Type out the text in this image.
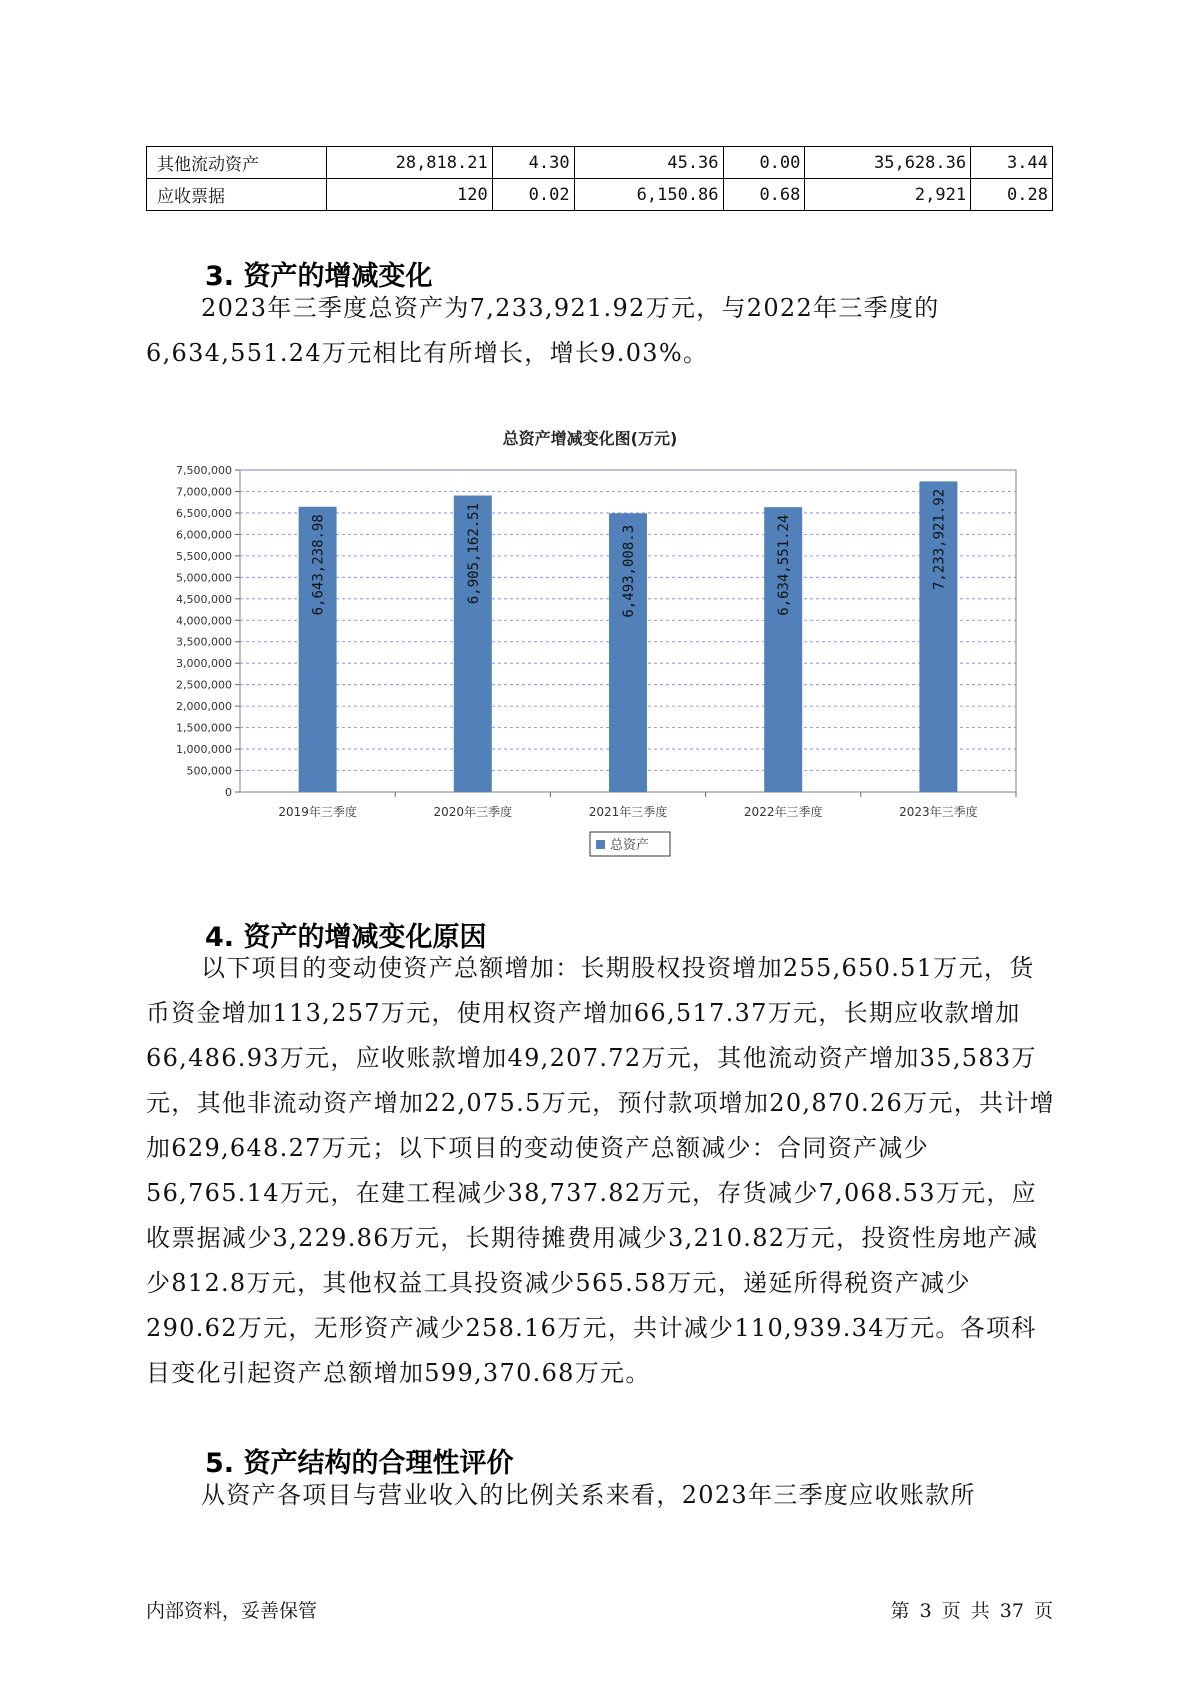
其他流动资产	28,818.21	4.30	45.36	0.00	35,628.36	3.44
应收票据	120	0.02	6,150.86	0.68	2,921	0.28
3. 资产的增减变化

2023年三季度总资产为7,233,921.92万元，与2022年三季度的6,634,551.24万元相比有所增长，增长9.03%。

总资产增减变化图(万元)
0
500,000
1,000,000
1,500,000
2,000,000
2,500,000
3,000,000
3,500,000
4,000,000
4,500,000
5,000,000
5,500,000
6,000,000
6,500,000
7,000,000
7,500,000
6,643,238.98
2019年三季度
6,905,162.51
2020年三季度
6,493,008.3
2021年三季度
6,634,551.24
2022年三季度
7,233,921.92
2023年三季度
总资产
4. 资产的增减变化原因

以下项目的变动使资产总额增加：长期股权投资增加255,650.51万元，货币资金增加113,257万元，使用权资产增加66,517.37万元，长期应收款增加66,486.93万元，应收账款增加49,207.72万元，其他流动资产增加35,583万元，其他非流动资产增加22,075.5万元，预付款项增加20,870.26万元，共计增加629,648.27万元；以下项目的变动使资产总额减少：合同资产减少56,765.14万元，在建工程减少38,737.82万元，存货减少7,068.53万元，应收票据减少3,229.86万元，长期待摊费用减少3,210.82万元，投资性房地产减少812.8万元，其他权益工具投资减少565.58万元，递延所得税资产减少290.62万元，无形资产减少258.16万元，共计减少110,939.34万元。各项科目变化引起资产总额增加599,370.68万元。

5. 资产结构的合理性评价

从资产各项目与营业收入的比例关系来看，2023年三季度应收账款所

内部资料，妥善保管	第 3 页 共 37 页
